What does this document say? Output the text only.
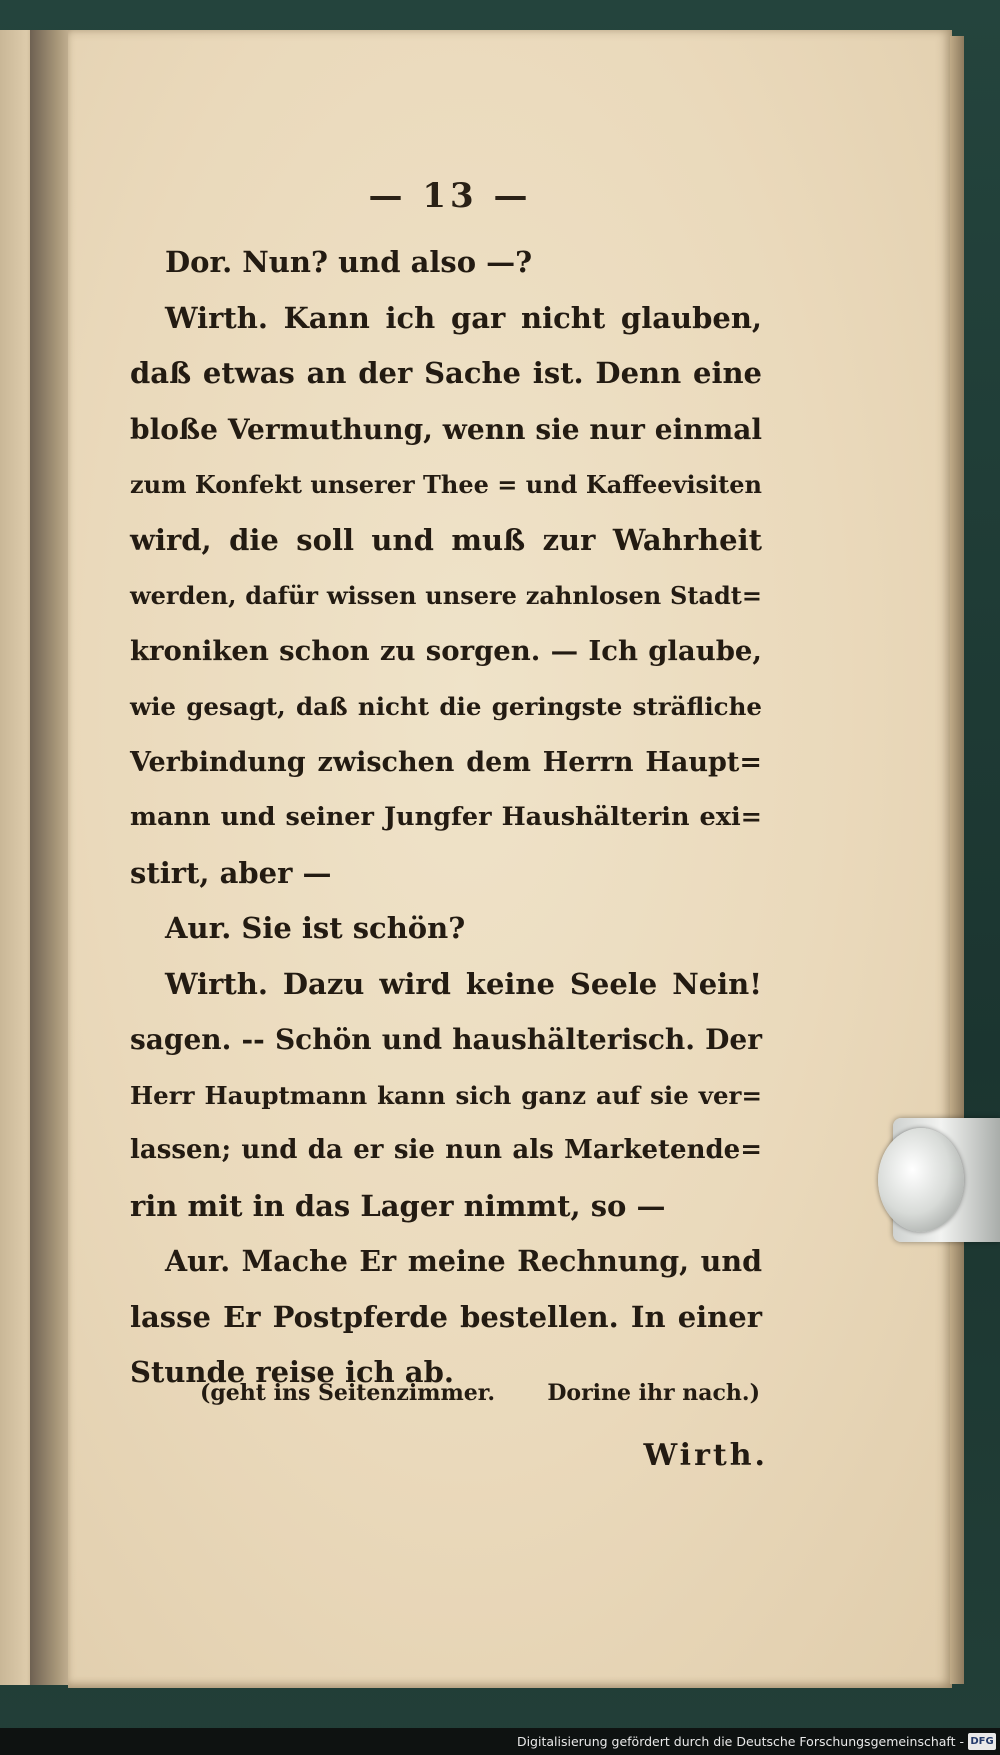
— 13 —
Dor. Nun? und also —?
Wirth. Kann ich gar nicht glauben,
daß etwas an der Sache ist. Denn eine
bloße Vermuthung, wenn sie nur einmal
zum Konfekt unserer Thee = und Kaffeevisiten
wird, die soll und muß zur Wahrheit
werden, dafür wissen unsere zahnlosen Stadt=
kroniken schon zu sorgen. — Ich glaube,
wie gesagt, daß nicht die geringste sträfliche
Verbindung zwischen dem Herrn Haupt=
mann und seiner Jungfer Haushälterin exi=
stirt, aber —
Aur. Sie ist schön?
Wirth. Dazu wird keine Seele Nein!
sagen. -- Schön und haushälterisch. Der
Herr Hauptmann kann sich ganz auf sie ver=
lassen; und da er sie nun als Marketende=
rin mit in das Lager nimmt, so —
Aur. Mache Er meine Rechnung, und
lasse Er Postpferde bestellen. In einer
Stunde reise ich ab.
(geht ins Seitenzimmer. Dorine ihr nach.)
Wirth.
Digitalisierung gefördert durch die Deutsche Forschungsgemeinschaft - DFG
